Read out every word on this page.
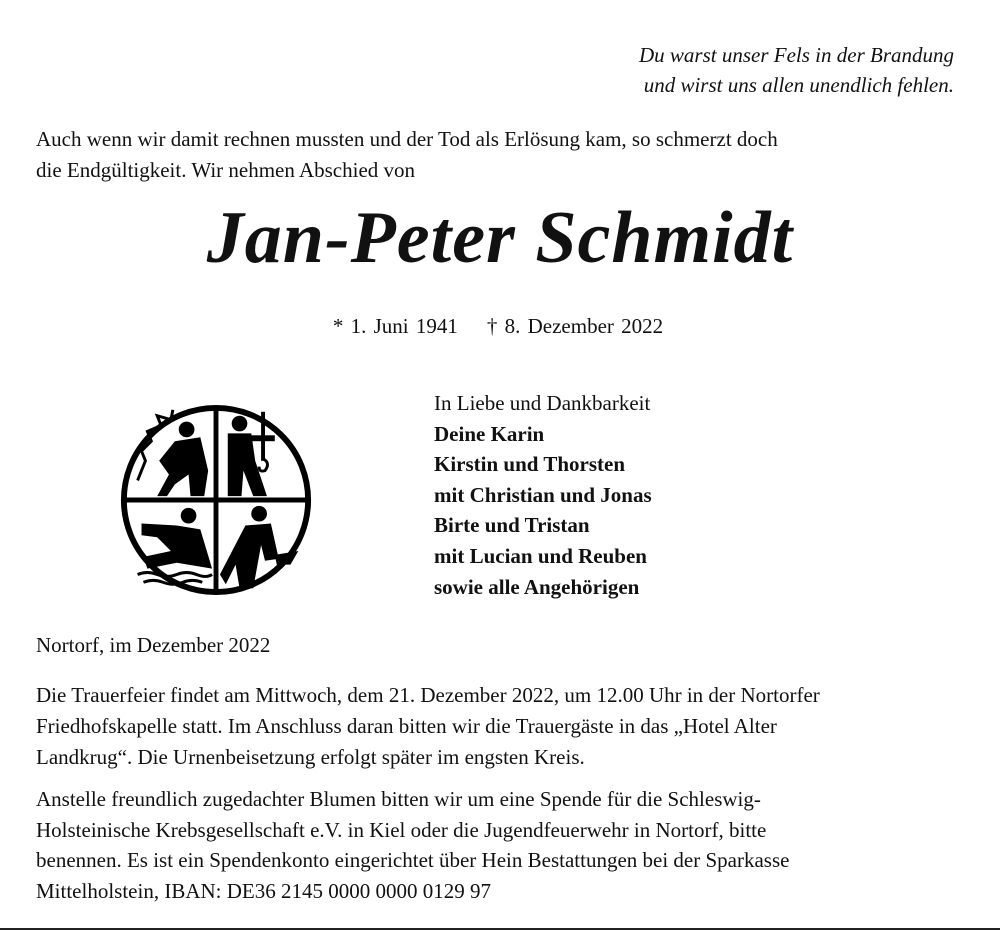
Du warst unser Fels in der Brandung
und wirst uns allen unendlich fehlen.
Auch wenn wir damit rechnen mussten und der Tod als Erlösung kam, so schmerzt doch
die Endgültigkeit. Wir nehmen Abschied von
Jan-Peter Schmidt
* 1. Juni 1941 † 8. Dezember 2022
In Liebe und Dankbarkeit
Deine Karin
Kirstin und Thorsten
mit Christian und Jonas
Birte und Tristan
mit Lucian und Reuben
sowie alle Angehörigen
Nortorf, im Dezember 2022
Die Trauerfeier findet am Mittwoch, dem 21. Dezember 2022, um 12.00 Uhr in der Nortorfer
Friedhofskapelle statt. Im Anschluss daran bitten wir die Trauergäste in das „Hotel Alter
Landkrug“. Die Urnenbeisetzung erfolgt später im engsten Kreis.
Anstelle freundlich zugedachter Blumen bitten wir um eine Spende für die Schleswig-
Holsteinische Krebsgesellschaft e.V. in Kiel oder die Jugendfeuerwehr in Nortorf, bitte
benennen. Es ist ein Spendenkonto eingerichtet über Hein Bestattungen bei der Sparkasse
Mittelholstein, IBAN: DE36 2145 0000 0000 0129 97
